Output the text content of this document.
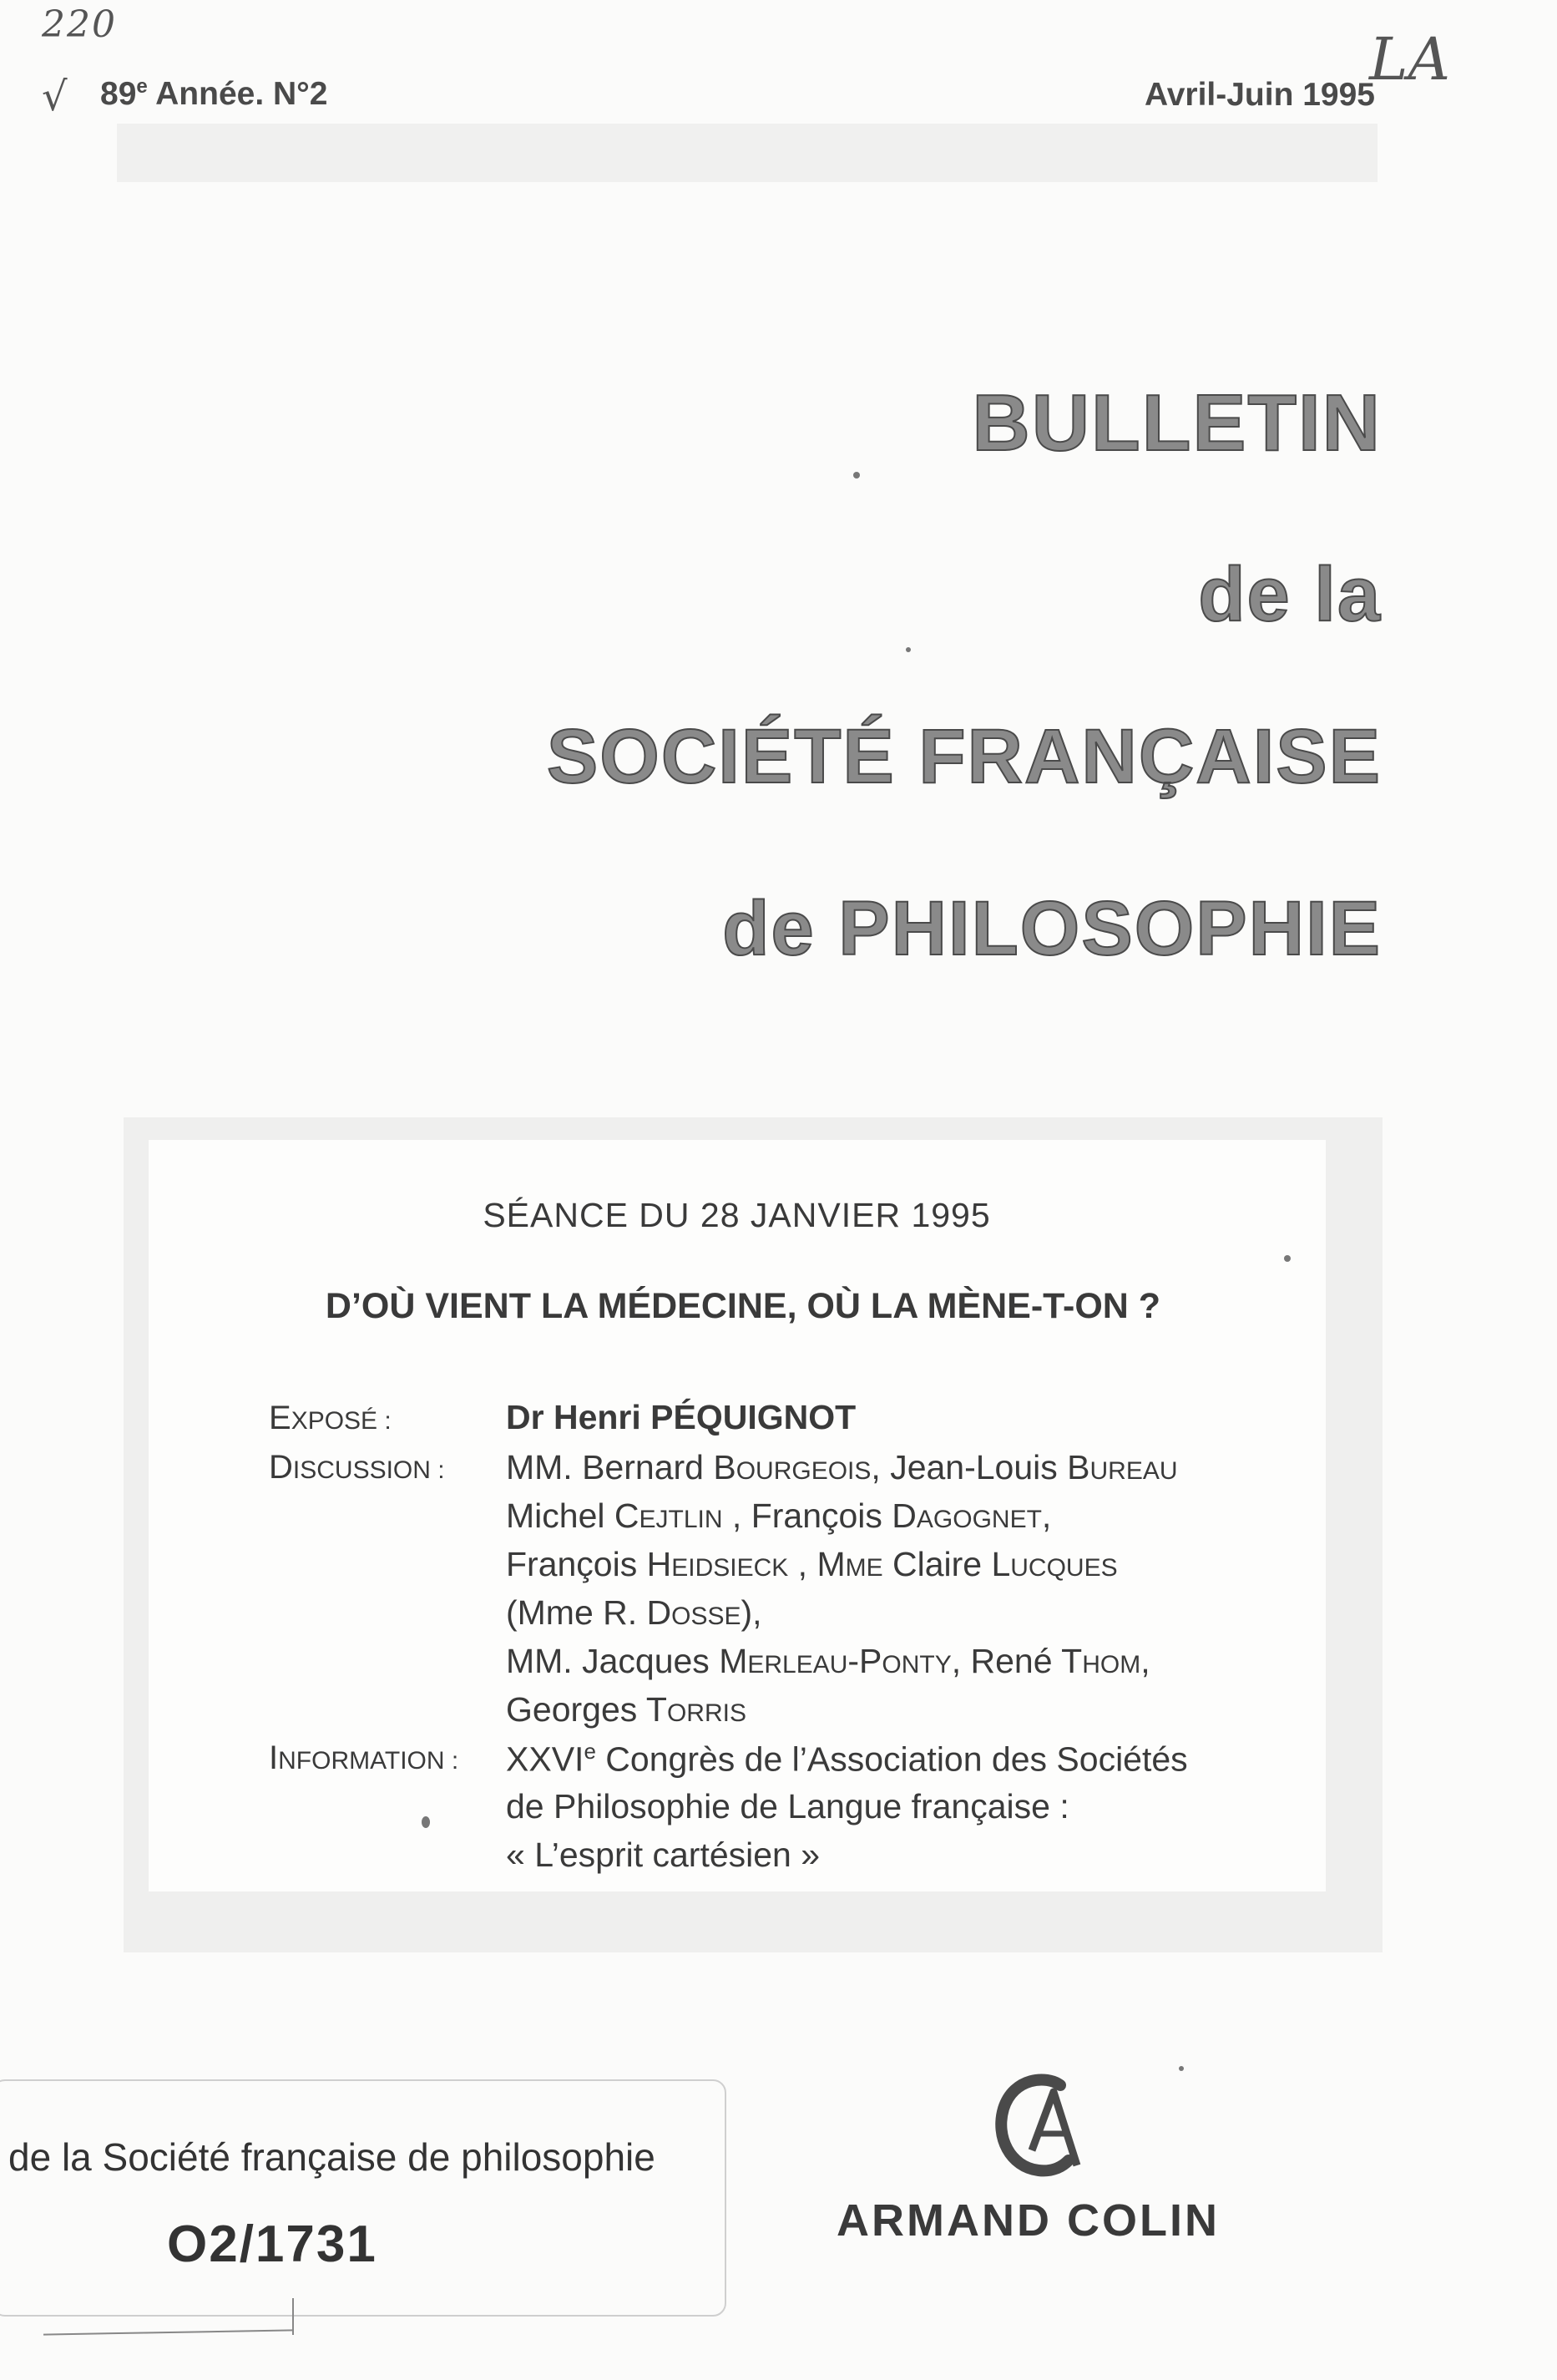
220
√
LA
89e Année. N°2	Avril-Juin 1995
BULLETIN
de la
SOCIÉTÉ FRANÇAISE
de PHILOSOPHIE
SÉANCE DU 28 JANVIER 1995
D’OÙ VIENT LA MÉDECINE, OÙ LA MÈNE-T-ON ?
EXPOSÉ :
DISCUSSION :
INFORMATION :
Dr Henri PÉQUIGNOT
MM. Bernard BOURGEOIS, Jean-Louis BUREAU
Michel CEJTLIN , François DAGOGNET,
François HEIDSIECK , MME Claire LUCQUES
(Mme R. DOSSE),
MM. Jacques MERLEAU-PONTY, René THOM,
Georges TORRIS
XXVIe Congrès de l’Association des Sociétés
de Philosophie de Langue française :
« L’esprit cartésien »
ARMAND COLIN
de la Société française de philosophie
O2/1731
